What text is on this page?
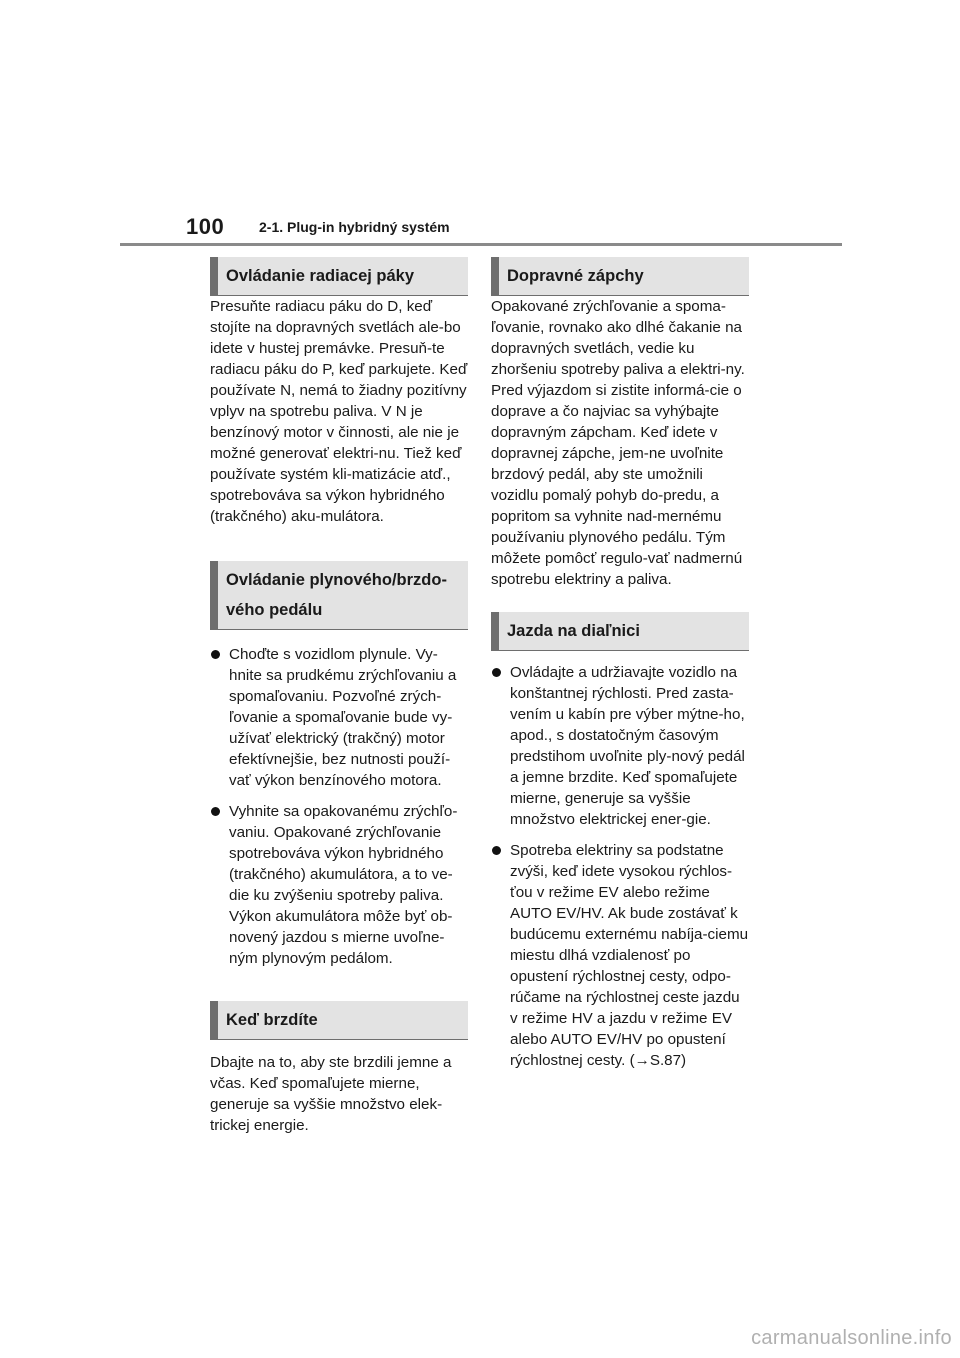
100 2-1. Plug-in hybridný systém
Ovládanie radiacej páky

Presuňte radiacu páku do D, keď stojíte na dopravných svetlách ale-bo idete v hustej premávke. Presuň-te radiacu páku do P, keď parkujete. Keď používate N, nemá to žiadny pozitívny vplyv na spotrebu paliva. V N je benzínový motor v činnosti, ale nie je možné generovať elektri-nu. Tiež keď používate systém kli-matizácie atď., spotrebováva sa výkon hybridného (trakčného) aku-mulátora.

Ovládanie plynového/brzdo-vého pedálu
Choďte s vozidlom plynule. Vy-hnite sa prudkému zrýchľovaniu a spomaľovaniu. Pozvoľné zrých-ľovanie a spomaľovanie bude vy-užívať elektrický (trakčný) motor efektívnejšie, bez nutnosti použí-vať výkon benzínového motora.
Vyhnite sa opakovanému zrýchľo-vaniu. Opakované zrýchľovanie spotrebováva výkon hybridného (trakčného) akumulátora, a to ve-die ku zvýšeniu spotreby paliva. Výkon akumulátora môže byť ob-novený jazdou s mierne uvoľne-ným plynovým pedálom.
Keď brzdíte

Dbajte na to, aby ste brzdili jemne a včas. Keď spomaľujete mierne, generuje sa vyššie množstvo elek-trickej energie.

Dopravné zápchy

Opakované zrýchľovanie a spoma-ľovanie, rovnako ako dlhé čakanie na dopravných svetlách, vedie ku zhoršeniu spotreby paliva a elektri-ny. Pred výjazdom si zistite informá-cie o doprave a čo najviac sa vyhýbajte dopravným zápcham. Keď idete v dopravnej zápche, jem-ne uvoľnite brzdový pedál, aby ste umožnili vozidlu pomalý pohyb do-predu, a popritom sa vyhnite nad-mernému používaniu plynového pedálu. Tým môžete pomôcť regulo-vať nadmernú spotrebu elektriny a paliva.

Jazda na diaľnici
Ovládajte a udržiavajte vozidlo na konštantnej rýchlosti. Pred zasta-vením u kabín pre výber mýtne-ho, apod., s dostatočným časovým predstihom uvoľnite ply-nový pedál a jemne brzdite. Keď spomaľujete mierne, generuje sa vyššie množstvo elektrickej ener-gie.
Spotreba elektriny sa podstatne zvýši, keď idete vysokou rýchlos-ťou v režime EV alebo režime AUTO EV/HV. Ak bude zostávať k budúcemu externému nabíja-ciemu miestu dlhá vzdialenosť po opustení rýchlostnej cesty, odpo-rúčame na rýchlostnej ceste jazdu v režime HV a jazdu v režime EV alebo AUTO EV/HV po opustení rýchlostnej cesty. (→S.87)
carmanualsonline.info
